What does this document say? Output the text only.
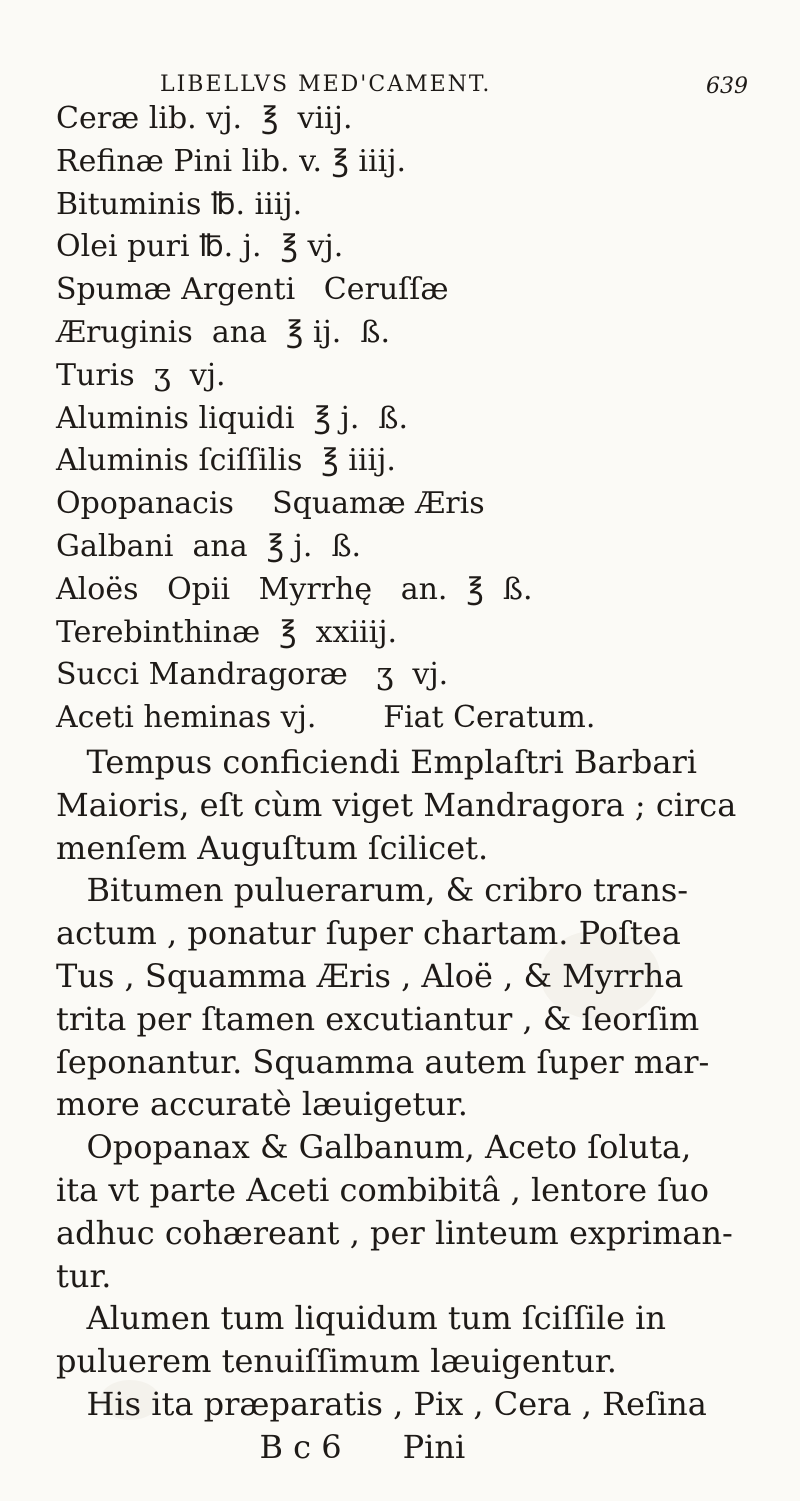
LIBELLVS MED'CAMENT.	639
Ceræ lib. vj.  ℥  viij.
Refinæ Pini lib. v. ℥ iiij.
Bituminis ℔. iiij.
Olei puri ℔. j.  ℥ vj.
Spumæ Argenti   Ceruſſæ
Æruginis  ana  ℥ ij.  ß.
Turis  ʒ  vj.
Aluminis liquidi  ℥ j.  ß.
Aluminis ſciſſilis  ℥ iiij.
Opopanacis    Squamæ Æris
Galbani  ana  ℥ j.  ß.
Aloës   Opii   Myrrhę   an.  ℥  ß.
Terebinthinæ  ℥  xxiiij.
Succi Mandragoræ   ʒ  vj.
Aceti heminas vj.       Fiat Ceratum.
Tempus conficiendi Emplaſtri Barbari
Maioris, eſt cùm viget Mandragora ; circa
menſem Auguſtum ſcilicet.
Bitumen puluerarum, & cribro trans-
actum , ponatur ſuper chartam. Poſtea
Tus , Squamma Æris , Aloë , & Myrrha
trita per ſtamen excutiantur , & ſeorſim
ſeponantur. Squamma autem ſuper mar-
more accuratè læuigetur.
Opopanax & Galbanum, Aceto ſoluta,
ita vt parte Aceti combibitâ , lentore ſuo
adhuc cohæreant , per linteum expriman-
tur.
Alumen tum liquidum tum ſciſſile in
puluerem tenuiſſimum læuigentur.
His ita præparatis , Pix , Cera , Reſina
B c 6      Pini
